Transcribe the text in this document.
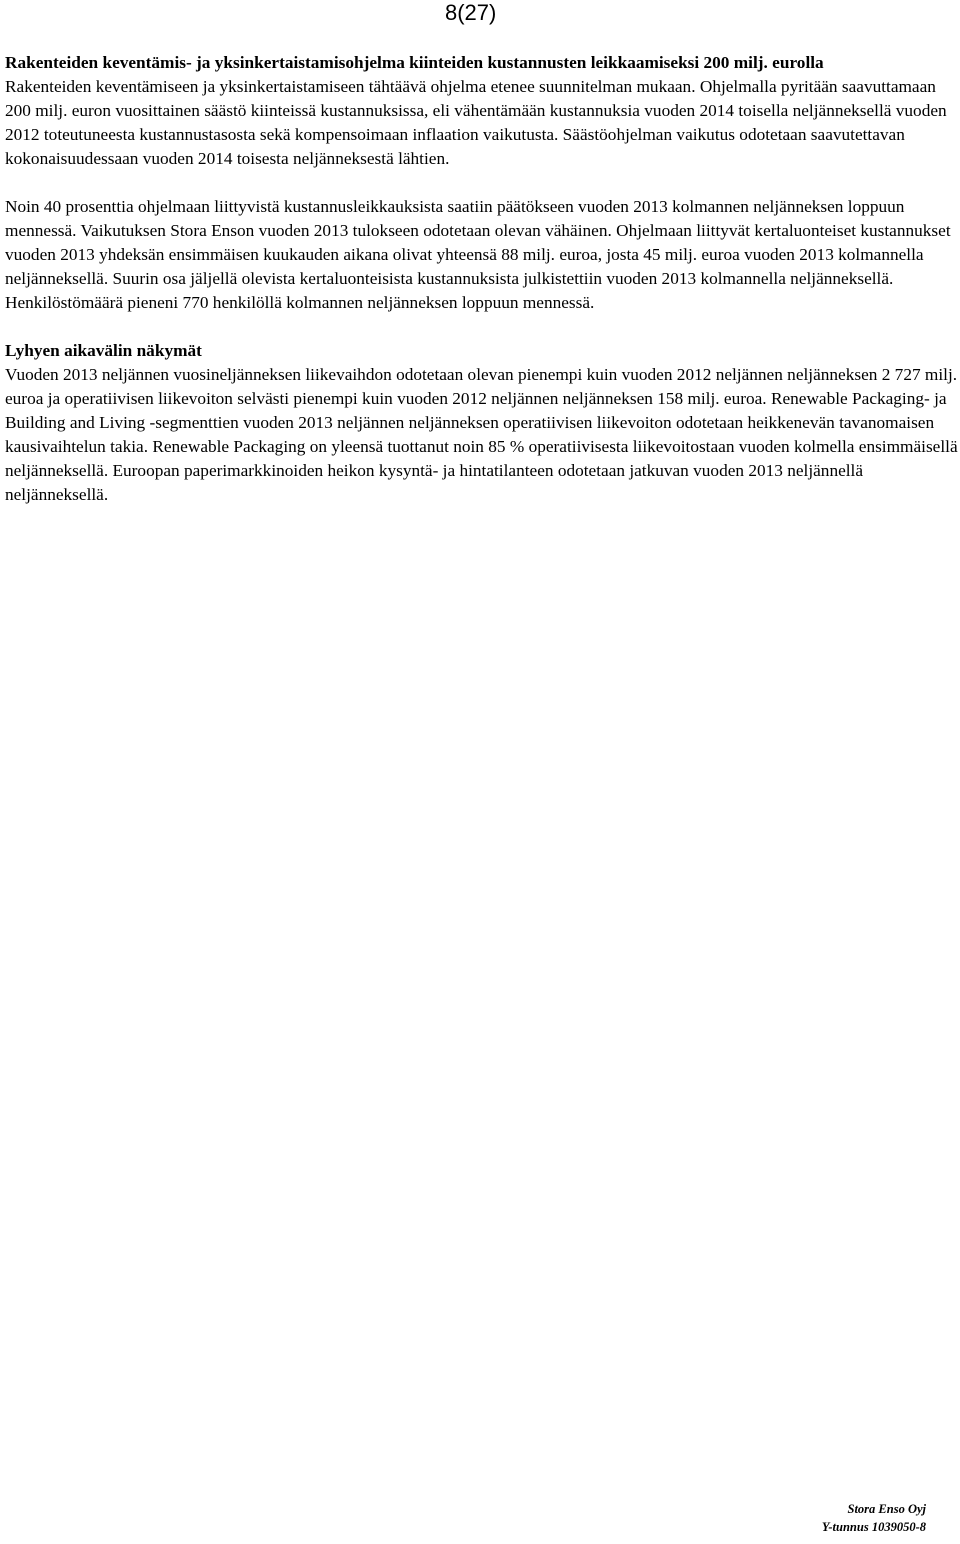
8(27)
Rakenteiden keventämis- ja yksinkertaistamisohjelma kiinteiden kustannusten leikkaamiseksi 200 milj. eurolla

Rakenteiden keventämiseen ja yksinkertaistamiseen tähtäävä ohjelma etenee suunnitelman mukaan. Ohjelmalla pyritään saavuttamaan 200 milj. euron vuosittainen säästö kiinteissä kustannuksissa, eli vähentämään kustannuksia vuoden 2014 toisella neljänneksellä vuoden 2012 toteutuneesta kustannustasosta sekä kompensoimaan inflaation vaikutusta. Säästöohjelman vaikutus odotetaan saavutettavan kokonaisuudessaan vuoden 2014 toisesta neljänneksestä lähtien.

Noin 40 prosenttia ohjelmaan liittyvistä kustannusleikkauksista saatiin päätökseen vuoden 2013 kolmannen neljänneksen loppuun mennessä. Vaikutuksen Stora Enson vuoden 2013 tulokseen odotetaan olevan vähäinen. Ohjelmaan liittyvät kertaluonteiset kustannukset vuoden 2013 yhdeksän ensimmäisen kuukauden aikana olivat yhteensä 88 milj. euroa, josta 45 milj. euroa vuoden 2013 kolmannella neljänneksellä. Suurin osa jäljellä olevista kertaluonteisista kustannuksista julkistettiin vuoden 2013 kolmannella neljänneksellä. Henkilöstömäärä pieneni 770 henkilöllä kolmannen neljänneksen loppuun mennessä.

Lyhyen aikavälin näkymät

Vuoden 2013 neljännen vuosineljänneksen liikevaihdon odotetaan olevan pienempi kuin vuoden 2012 neljännen neljänneksen 2 727 milj. euroa ja operatiivisen liikevoiton selvästi pienempi kuin vuoden 2012 neljännen neljänneksen 158 milj. euroa. Renewable Packaging- ja Building and Living -segmenttien vuoden 2013 neljännen neljänneksen operatiivisen liikevoiton odotetaan heikkenevän tavanomaisen kausivaihtelun takia. Renewable Packaging on yleensä tuottanut noin 85 % operatiivisesta liikevoitostaan vuoden kolmella ensimmäisellä neljänneksellä. Euroopan paperimarkkinoiden heikon kysyntä- ja hintatilanteen odotetaan jatkuvan vuoden 2013 neljännellä neljänneksellä.

Stora Enso Oyj
Y-tunnus 1039050-8
